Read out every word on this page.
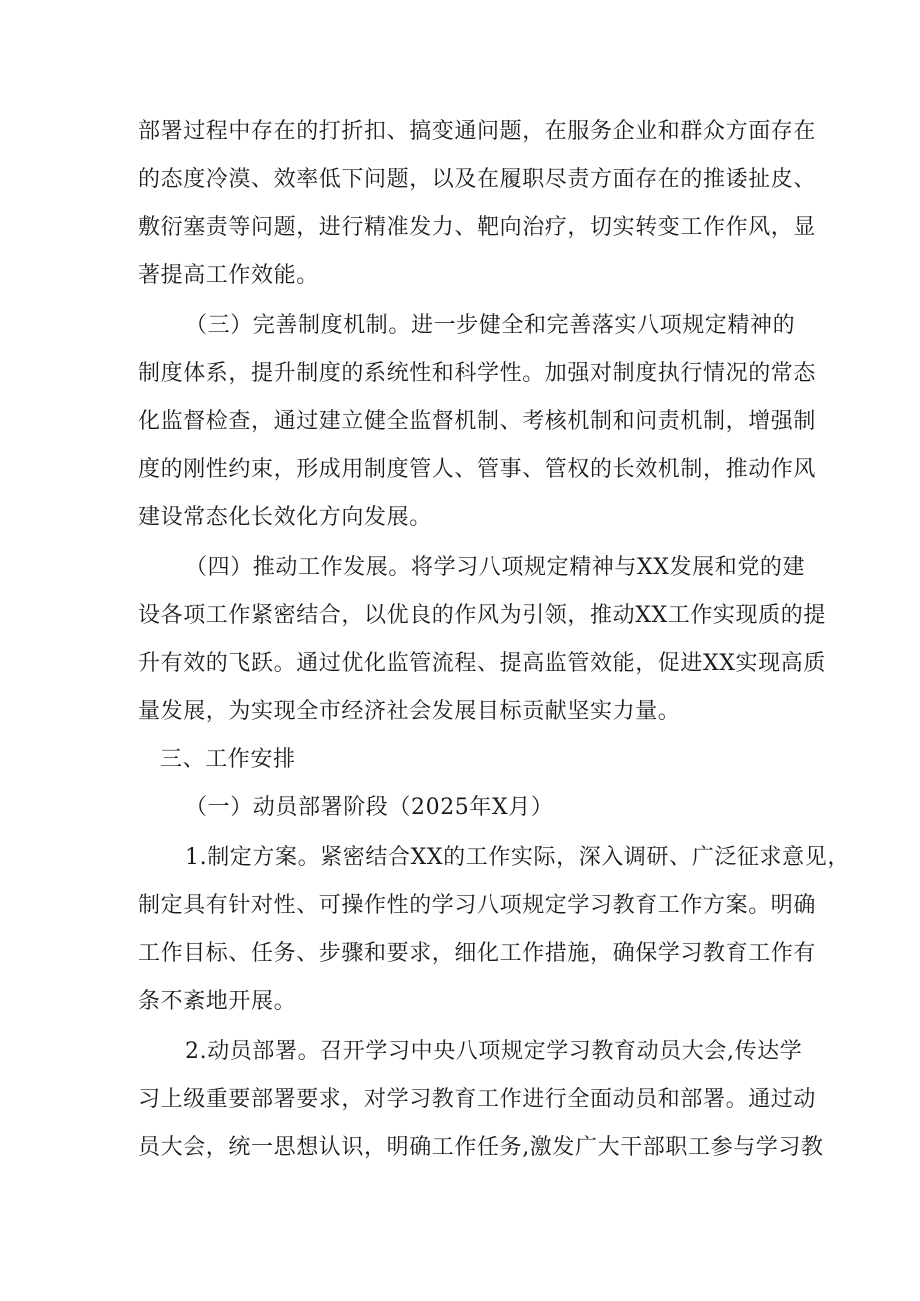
部署过程中存在的打折扣、搞变通问题，在服务企业和群众方面存在
的态度冷漠、效率低下问题，以及在履职尽责方面存在的推诿扯皮、
敷衍塞责等问题，进行精准发力、靶向治疗，切实转变工作作风，显
著提高工作效能。
（三）完善制度机制。进一步健全和完善落实八项规定精神的
制度体系，提升制度的系统性和科学性。加强对制度执行情况的常态
化监督检查，通过建立健全监督机制、考核机制和问责机制，增强制
度的刚性约束，形成用制度管人、管事、管权的长效机制，推动作风
建设常态化长效化方向发展。
（四）推动工作发展。将学习八项规定精神与XX发展和党的建
设各项工作紧密结合，以优良的作风为引领，推动XX工作实现质的提
升有效的飞跃。通过优化监管流程、提高监管效能，促进XX实现高质
量发展，为实现全市经济社会发展目标贡献坚实力量。
三、工作安排
（一）动员部署阶段（2025年X月）
1.制定方案。紧密结合XX的工作实际，深入调研、广泛征求意见，
制定具有针对性、可操作性的学习八项规定学习教育工作方案。明确
工作目标、任务、步骤和要求，细化工作措施，确保学习教育工作有
条不紊地开展。
2.动员部署。召开学习中央八项规定学习教育动员大会,传达学
习上级重要部署要求，对学习教育工作进行全面动员和部署。通过动
员大会，统一思想认识，明确工作任务,激发广大干部职工参与学习教
